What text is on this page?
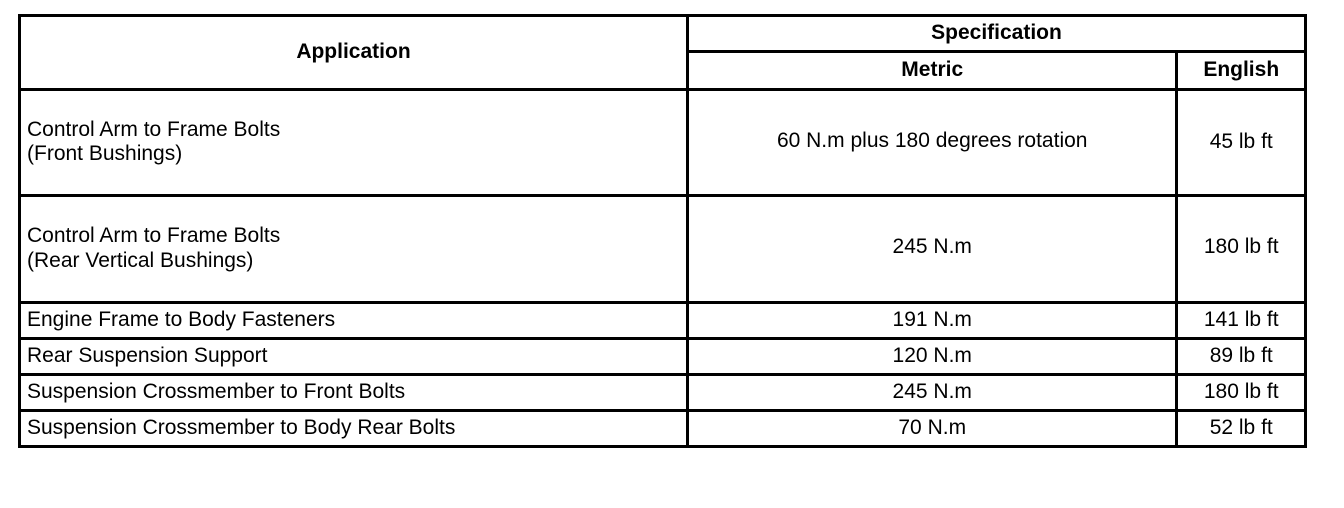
Application	Specification	
	Metric	English

Control Arm to Frame Bolts
(Front Bushings)	60 N.m plus 180 degrees rotation	45 lb ft

Control Arm to Frame Bolts
(Rear Vertical Bushings)	245 N.m	180 lb ft

Engine Frame to Body Fasteners	191 N.m	141 lb ft
Rear Suspension Support	120 N.m	89 lb ft
Suspension Crossmember to Front Bolts	245 N.m	180 lb ft
Suspension Crossmember to Body Rear Bolts	70 N.m	52 lb ft
